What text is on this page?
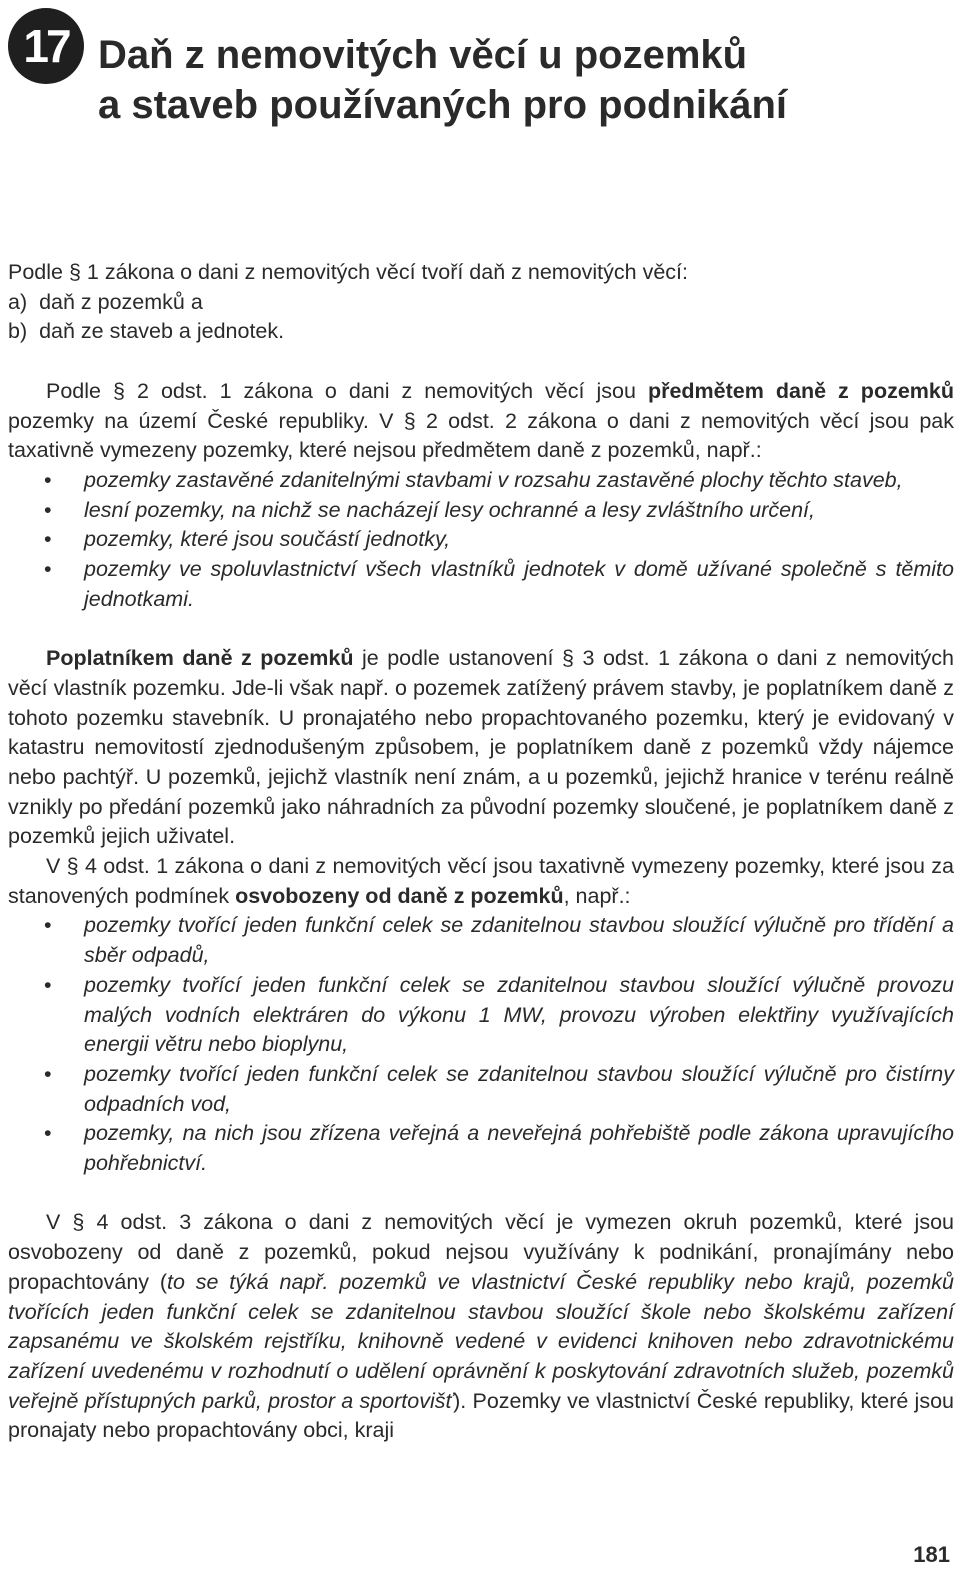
17 Daň z nemovitých věcí u pozemků
a staveb používaných pro podnikání

Podle § 1 zákona o dani z nemovitých věcí tvoří daň z nemovitých věcí:
a)  daň z pozemků a
b)  daň ze staveb a jednotek.

Podle § 2 odst. 1 zákona o dani z nemovitých věcí jsou předmětem daně z pozemků pozemky na území České republiky. V § 2 odst. 2 zákona o dani z nemovitých věcí jsou pak taxativně vymezeny pozemky, které nejsou předmětem daně z pozemků, např.:

• pozemky zastavěné zdanitelnými stavbami v rozsahu zastavěné plochy těchto staveb,
• lesní pozemky, na nichž se nacházejí lesy ochranné a lesy zvláštního určení,
• pozemky, které jsou součástí jednotky,
• pozemky ve spoluvlastnictví všech vlastníků jednotek v domě užívané společně s těmito jednotkami.

Poplatníkem daně z pozemků je podle ustanovení § 3 odst. 1 zákona o dani z nemovitých věcí vlastník pozemku. Jde-li však např. o pozemek zatížený právem stavby, je poplatníkem daně z tohoto pozemku stavebník. U pronajatého nebo propachtovaného pozemku, který je evidovaný v katastru nemovitostí zjednodušeným způsobem, je poplatníkem daně z pozemků vždy nájemce nebo pachtýř. U pozemků, jejichž vlastník není znám, a u pozemků, jejichž hranice v terénu reálně vznikly po předání pozemků jako náhradních za původní pozemky sloučené, je poplatníkem daně z pozemků jejich uživatel.

V § 4 odst. 1 zákona o dani z nemovitých věcí jsou taxativně vymezeny pozemky, které jsou za stanovených podmínek osvobozeny od daně z pozemků, např.:

• pozemky tvořící jeden funkční celek se zdanitelnou stavbou sloužící výlučně pro třídění a sběr odpadů,
• pozemky tvořící jeden funkční celek se zdanitelnou stavbou sloužící výlučně provozu malých vodních elektráren do výkonu 1 MW, provozu výroben elektřiny využívajících energii větru nebo bioplynu,
• pozemky tvořící jeden funkční celek se zdanitelnou stavbou sloužící výlučně pro čistírny odpadních vod,
• pozemky, na nich jsou zřízena veřejná a neveřejná pohřebiště podle zákona upravujícího pohřebnictví.

V § 4 odst. 3 zákona o dani z nemovitých věcí je vymezen okruh pozemků, které jsou osvobozeny od daně z pozemků, pokud nejsou využívány k podnikání, pronajímány nebo propachtovány (to se týká např. pozemků ve vlastnictví České republiky nebo krajů, pozemků tvořících jeden funkční celek se zdanitelnou stavbou sloužící škole nebo školskému zařízení zapsanému ve školském rejstříku, knihovně vedené v evidenci knihoven nebo zdravotnickému zařízení uvedenému v rozhodnutí o udělení oprávnění k poskytování zdravotních služeb, pozemků veřejně přístupných parků, prostor a sportovišť). Pozemky ve vlastnictví České republiky, které jsou pronajaty nebo propachtovány obci, kraji

181
